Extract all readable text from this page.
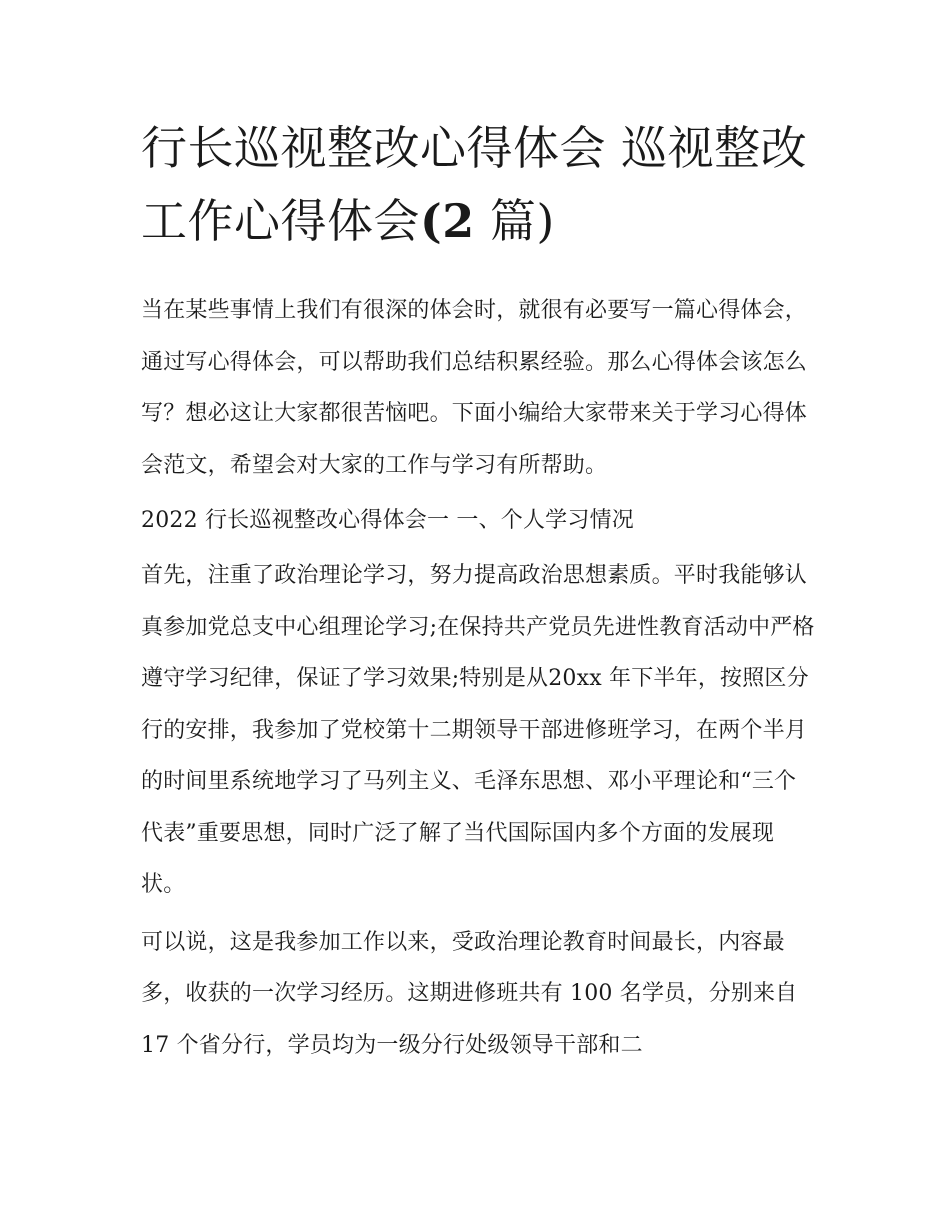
行长巡视整改心得体会 巡视整改工作心得体会(2 篇)

当在某些事情上我们有很深的体会时，就很有必要写一篇心得体会，通过写心得体会，可以帮助我们总结积累经验。那么心得体会该怎么写？想必这让大家都很苦恼吧。下面小编给大家带来关于学习心得体会范文，希望会对大家的工作与学习有所帮助。

2022 行长巡视整改心得体会一 一、个人学习情况

首先，注重了政治理论学习，努力提高政治思想素质。平时我能够认真参加党总支中心组理论学习;在保持共产党员先进性教育活动中严格遵守学习纪律，保证了学习效果;特别是从20xx 年下半年，按照区分行的安排，我参加了党校第十二期领导干部进修班学习，在两个半月的时间里系统地学习了马列主义、毛泽东思想、邓小平理论和“三个代表”重要思想，同时广泛了解了当代国际国内多个方面的发展现状。

可以说，这是我参加工作以来，受政治理论教育时间最长，内容最多，收获的一次学习经历。这期进修班共有 100 名学员，分别来自 17 个省分行，学员均为一级分行处级领导干部和二
